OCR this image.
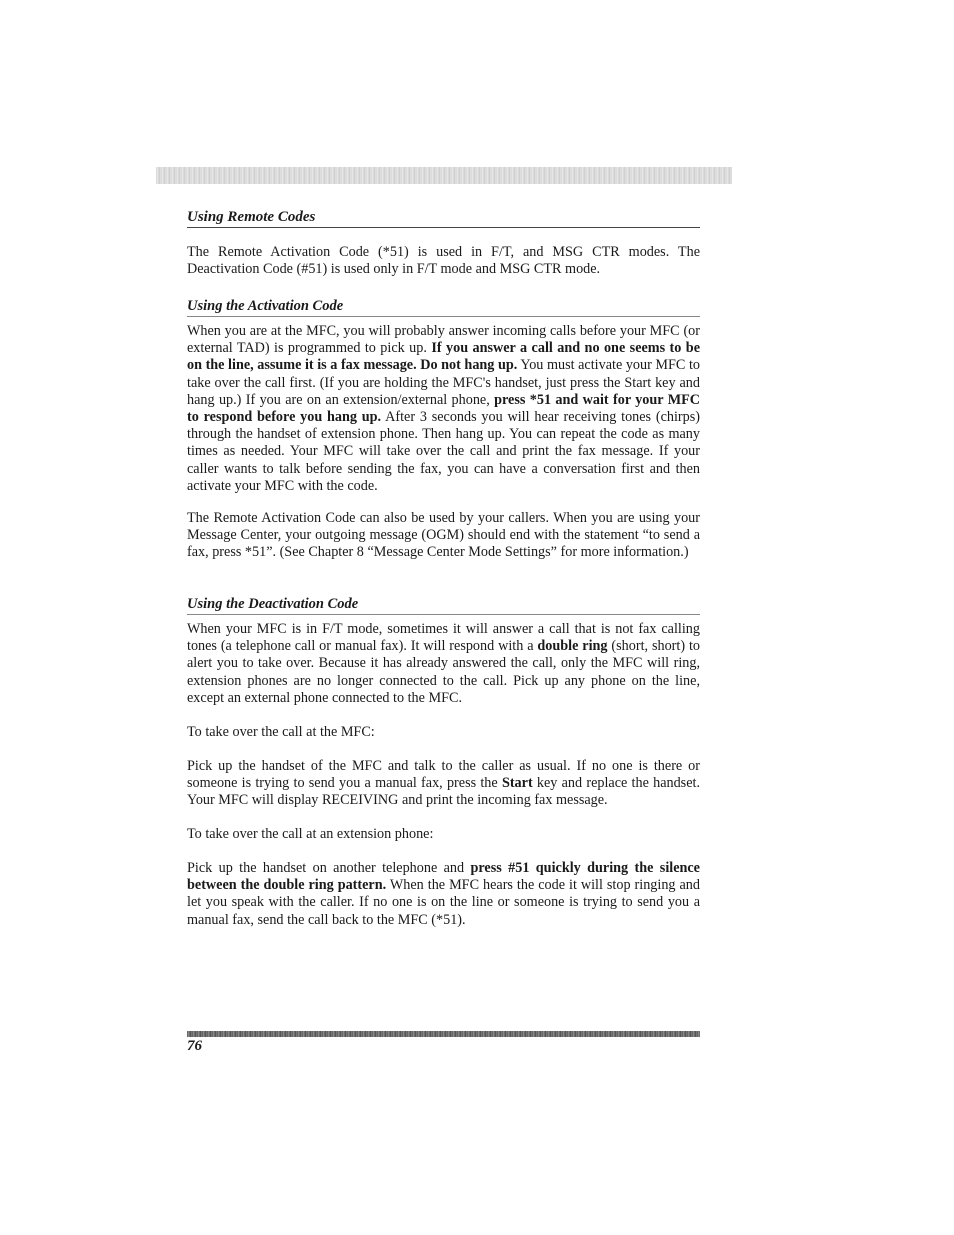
Using Remote Codes

The Remote Activation Code (*51) is used in F/T, and MSG CTR modes. The Deactivation Code (#51) is used only in F/T mode and MSG CTR mode.

Using the Activation Code

When you are at the MFC, you will probably answer incoming calls before your MFC (or external TAD) is programmed to pick up. If you answer a call and no one seems to be on the line, assume it is a fax message. Do not hang up. You must activate your MFC to take over the call first. (If you are holding the MFC's handset, just press the Start key and hang up.) If you are on an extension/external phone, press *51 and wait for your MFC to respond before you hang up. After 3 seconds you will hear receiving tones (chirps) through the handset of extension phone. Then hang up. You can repeat the code as many times as needed. Your MFC will take over the call and print the fax message. If your caller wants to talk before sending the fax, you can have a conversation first and then activate your MFC with the code.

The Remote Activation Code can also be used by your callers. When you are using your Message Center, your outgoing message (OGM) should end with the statement “to send a fax, press *51”. (See Chapter 8 “Message Center Mode Settings” for more information.)

Using the Deactivation Code

When your MFC is in F/T mode, sometimes it will answer a call that is not fax calling tones (a telephone call or manual fax). It will respond with a double ring (short, short) to alert you to take over. Because it has already answered the call, only the MFC will ring, extension phones are no longer connected to the call. Pick up any phone on the line, except an external phone connected to the MFC.

To take over the call at the MFC:

Pick up the handset of the MFC and talk to the caller as usual. If no one is there or someone is trying to send you a manual fax, press the Start key and replace the handset. Your MFC will display RECEIVING and print the incoming fax message.

To take over the call at an extension phone:

Pick up the handset on another telephone and press #51 quickly during the silence between the double ring pattern. When the MFC hears the code it will stop ringing and let you speak with the caller. If no one is on the line or someone is trying to send you a manual fax, send the call back to the MFC (*51).

76
